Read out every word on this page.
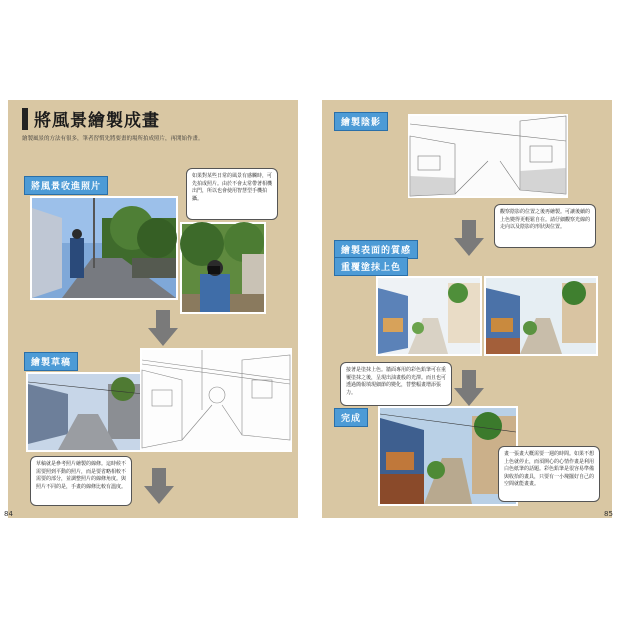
將風景繪製成畫
繪製風景的方法有很多，筆者習慣先將要畫的場所拍成照片，再開始作畫。
將風景收進照片
如果對某些日常的風景有感觸時，可先拍成照片。由於不會太常帶著相機出門，所以也會使用智慧型手機拍攝。
繪製草稿
草稿就是參考照片繪製的線條。這時候不需要照到平動的照片，而是要省略相較不需要的部分，並調整照片的線條角度。與照片不同的是，手畫的線條比較有溫度。
84
繪製陰影
觀察陰影的位置之後再繪製。可讓後續的上色變得更輕鬆自在。請仔細觀察光線的走向以及陰影的形狀與位置。
繪製表面的質感
重覆塗抹上色
接著是塗抹上色。牆面專用的彩色鉛筆可在重覆塗抹之後，呈現出油畫般的光澤。而且也可透過簡報填現細節的變化，替整幅畫增添張力。
完成
畫一張畫大概需要一週的時間。如果不想上色就停止，而須開心的心情作畫是利用白色紙筆的話題。彩色鉛筆是很容易準備與收拾的畫具，只要有一小塊擺好自己的空間就能畫畫。
85
